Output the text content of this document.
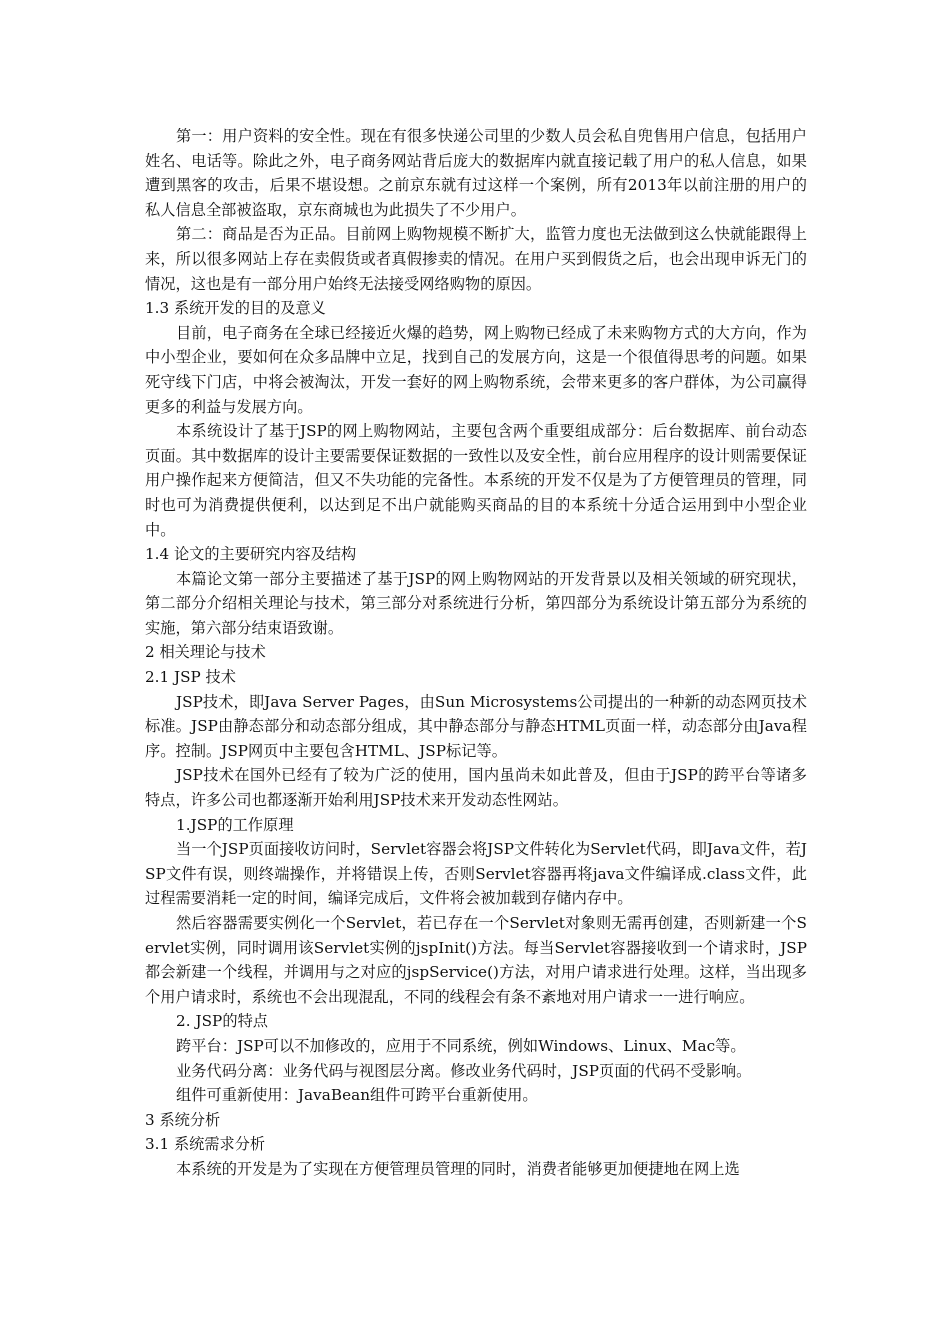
第一：用户资料的安全性。现在有很多快递公司里的少数人员会私自兜售用户信息，包括用户姓名、电话等。除此之外，电子商务网站背后庞大的数据库内就直接记载了用户的私人信息，如果遭到黑客的攻击，后果不堪设想。之前京东就有过这样一个案例，所有2013年以前注册的用户的私人信息全部被盗取，京东商城也为此损失了不少用户。

第二：商品是否为正品。目前网上购物规模不断扩大，监管力度也无法做到这么快就能跟得上来，所以很多网站上存在卖假货或者真假掺卖的情况。在用户买到假货之后，也会出现申诉无门的情况，这也是有一部分用户始终无法接受网络购物的原因。

1.3 系统开发的目的及意义

目前，电子商务在全球已经接近火爆的趋势，网上购物已经成了未来购物方式的大方向，作为中小型企业，要如何在众多品牌中立足，找到自己的发展方向，这是一个很值得思考的问题。如果死守线下门店，中将会被淘汰，开发一套好的网上购物系统，会带来更多的客户群体，为公司赢得更多的利益与发展方向。

本系统设计了基于JSP的网上购物网站，主要包含两个重要组成部分：后台数据库、前台动态页面。其中数据库的设计主要需要保证数据的一致性以及安全性，前台应用程序的设计则需要保证用户操作起来方便简洁，但又不失功能的完备性。本系统的开发不仅是为了方便管理员的管理，同时也可为消费提供便利，以达到足不出户就能购买商品的目的本系统十分适合运用到中小型企业中。

1.4 论文的主要研究内容及结构

本篇论文第一部分主要描述了基于JSP的网上购物网站的开发背景以及相关领域的研究现状，第二部分介绍相关理论与技术，第三部分对系统进行分析，第四部分为系统设计第五部分为系统的实施，第六部分结束语致谢。

2 相关理论与技术

2.1 JSP 技术

JSP技术，即Java Server Pages，由Sun Microsystems公司提出的一种新的动态网页技术标准。JSP由静态部分和动态部分组成，其中静态部分与静态HTML页面一样，动态部分由Java程序。控制。JSP网页中主要包含HTML、JSP标记等。

JSP技术在国外已经有了较为广泛的使用，国内虽尚未如此普及，但由于JSP的跨平台等诸多特点，许多公司也都逐渐开始利用JSP技术来开发动态性网站。

1.JSP的工作原理

当一个JSP页面接收访问时，Servlet容器会将JSP文件转化为Servlet代码，即Java文件，若JSP文件有误，则终端操作，并将错误上传，否则Servlet容器再将java文件编译成.class文件，此过程需要消耗一定的时间，编译完成后，文件将会被加载到存储内存中。

然后容器需要实例化一个Servlet，若已存在一个Servlet对象则无需再创建，否则新建一个Servlet实例，同时调用该Servlet实例的jspInit()方法。每当Servlet容器接收到一个请求时，JSP都会新建一个线程，并调用与之对应的jspService()方法，对用户请求进行处理。这样，当出现多个用户请求时，系统也不会出现混乱，不同的线程会有条不紊地对用户请求一一进行响应。

2. JSP的特点

跨平台：JSP可以不加修改的，应用于不同系统，例如Windows、Linux、Mac等。

业务代码分离：业务代码与视图层分离。修改业务代码时，JSP页面的代码不受影响。

组件可重新使用：JavaBean组件可跨平台重新使用。

3 系统分析

3.1 系统需求分析

本系统的开发是为了实现在方便管理员管理的同时，消费者能够更加便捷地在网上选
